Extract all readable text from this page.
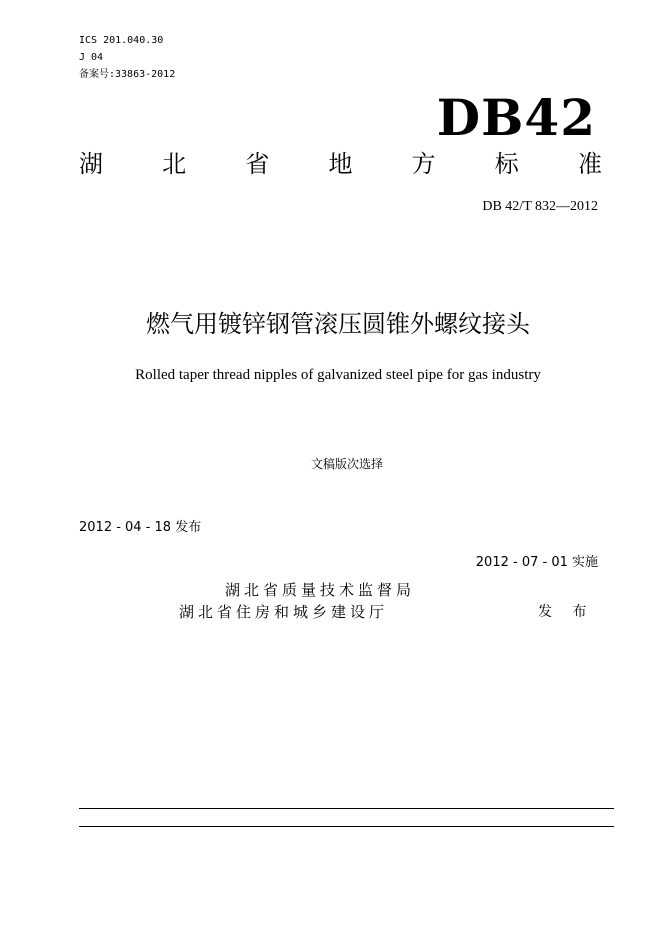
ICS 201.040.30
J 04
备案号:33863-2012
DB42
湖 北 省 地 方 标 准
DB 42/T 832—2012
燃气用镀锌钢管滚压圆锥外螺纹接头
Rolled taper thread nipples of galvanized steel pipe for gas industry
文稿版次选择
2012 - 04 - 18 发布
2012 - 07 - 01 实施
湖北省质量技术监督局
湖北省住房和城乡建设厅	发 布
